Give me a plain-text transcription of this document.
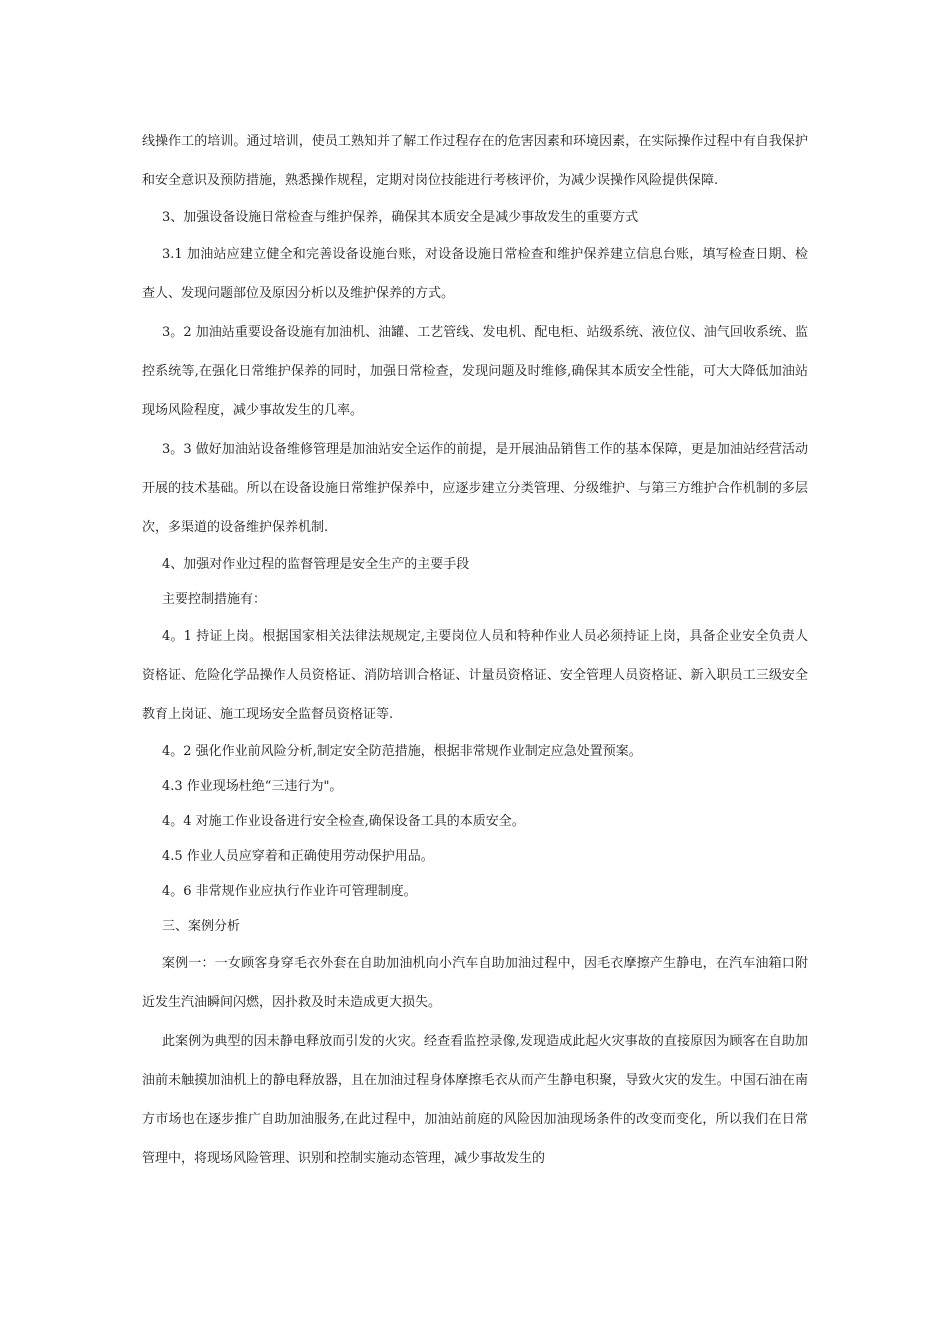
线操作工的培训。通过培训，使员工熟知并了解工作过程存在的危害因素和环境因素，在实际操作过程中有自我保护和安全意识及预防措施，熟悉操作规程，定期对岗位技能进行考核评价，为减少误操作风险提供保障.

3、加强设备设施日常检查与维护保养，确保其本质安全是减少事故发生的重要方式

3.1 加油站应建立健全和完善设备设施台账，对设备设施日常检查和维护保养建立信息台账，填写检查日期、检查人、发现问题部位及原因分析以及维护保养的方式。

3。2 加油站重要设备设施有加油机、油罐、工艺管线、发电机、配电柜、站级系统、液位仪、油气回收系统、监控系统等,在强化日常维护保养的同时，加强日常检查，发现问题及时维修,确保其本质安全性能，可大大降低加油站现场风险程度，减少事故发生的几率。

3。3 做好加油站设备维修管理是加油站安全运作的前提，是开展油品销售工作的基本保障，更是加油站经营活动开展的技术基础。所以在设备设施日常维护保养中，应逐步建立分类管理、分级维护、与第三方维护合作机制的多层次，多渠道的设备维护保养机制.

4、加强对作业过程的监督管理是安全生产的主要手段

主要控制措施有：

4。1 持证上岗。根据国家相关法律法规规定,主要岗位人员和特种作业人员必须持证上岗，具备企业安全负责人资格证、危险化学品操作人员资格证、消防培训合格证、计量员资格证、安全管理人员资格证、新入职员工三级安全教育上岗证、施工现场安全监督员资格证等.

4。2 强化作业前风险分析,制定安全防范措施，根据非常规作业制定应急处置预案。

4.3 作业现场杜绝“三违行为"。

4。4 对施工作业设备进行安全检查,确保设备工具的本质安全。

4.5 作业人员应穿着和正确使用劳动保护用品。

4。6 非常规作业应执行作业许可管理制度。

三、案例分析

案例一：一女顾客身穿毛衣外套在自助加油机向小汽车自助加油过程中，因毛衣摩擦产生静电，在汽车油箱口附近发生汽油瞬间闪燃，因扑救及时未造成更大损失。

此案例为典型的因未静电释放而引发的火灾。经查看监控录像,发现造成此起火灾事故的直接原因为顾客在自助加油前未触摸加油机上的静电释放器，且在加油过程身体摩擦毛衣从而产生静电积聚，导致火灾的发生。中国石油在南方市场也在逐步推广自助加油服务,在此过程中，加油站前庭的风险因加油现场条件的改变而变化，所以我们在日常管理中，将现场风险管理、识别和控制实施动态管理，减少事故发生的
